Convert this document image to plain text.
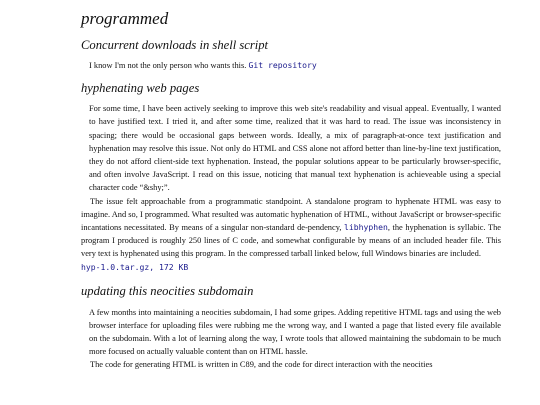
programmed
Concurrent downloads in shell script

I know I'm not the only person who wants this. Git repository

hyphenating web pages

For some time, I have been actively seeking to improve this web site's readability and visual appeal. Eventually, I wanted to have justified text. I tried it, and after some time, realized that it was hard to read. The issue was inconsistency in spacing; there would be occasional gaps between words. Ideally, a mix of paragraph-at-once text justification and hyphenation may resolve this issue. Not only do HTML and CSS alone not afford better than line-by-line text justification, they do not afford client-side text hyphenation. Instead, the popular solutions appear to be particularly browser-specific, and often involve JavaScript. I read on this issue, noticing that manual text hyphenation is achieveable using a special character code “&shy;”.

The issue felt approachable from a programmatic standpoint. A standalone program to hyphenate HTML was easy to imagine. And so, I programmed. What resulted was automatic hyphenation of HTML, without JavaScript or browser-specific incantations necessitated. By means of a singular non-standard de-pendency, libhyphen, the hyphenation is syllabic. The program I produced is roughly 250 lines of C code, and somewhat configurable by means of an included header file. This very text is hyphenated using this program. In the compressed tarball linked below, full Windows binaries are included.

hyp-1.0.tar.gz, 172 KB
updating this neocities subdomain

A few months into maintaining a neocities subdomain, I had some gripes. Adding repetitive HTML tags and using the web browser interface for uploading files were rubbing me the wrong way, and I wanted a page that listed every file available on the subdomain. With a lot of learning along the way, I wrote tools that allowed maintaining the subdomain to be much more focused on actually valuable content than on HTML hassle.

The code for generating HTML is written in C89, and the code for direct interaction with the neocities
